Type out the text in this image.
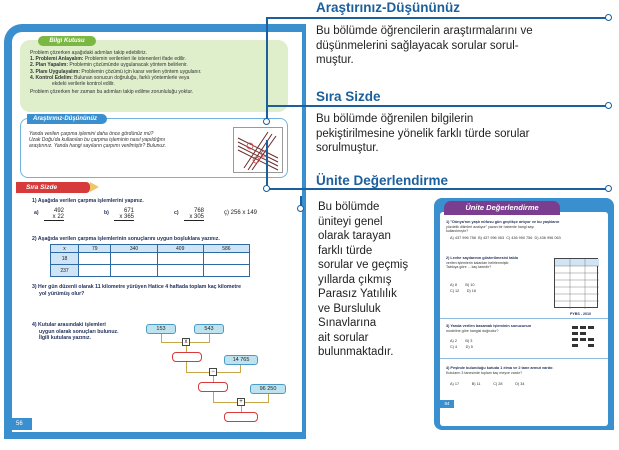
Bilgi Kutusu
Problem çözerken aşağıdaki adımları takip edebiliriz.
1. Problemi Anlayalım: Problemin verilenleri ile istenenleri ifade edilir.
2. Plan Yapalım: Problemin çözümünde uygulanacak yöntem belirlenir.
3. Planı Uygulayalım: Problemin çözümü için karar verilen yöntem uygulanır.
4. Kontrol Edelim: Bulunan sonucun doğruluğu, farklı yöntemlerle veya
ekdeki verilerle kontrol edilir.
Problem çözerken her zaman bu adımları takip edilme zorunluluğu yoktur.
Araştırınız-Düşününüz
Yanda verilen çarpma işlemini daha önce gördünüz mü?
Uzak Doğu'da kullanılan bu çarpma işleminin nasıl yapıldığını
araştırınız. Yanda hangi sayıların çarpımı verilmiştir? Bulunuz.
Sıra Sizde
1) Aşağıda verilen çarpma işlemlerini yapınız.
a)	492
x 22
b)	671
x 365
c)	768
x 305
ç) 256 x 149
2) Aşağıda verilen çarpma işlemlerinin sonuçlarını uygun boşluklara yazınız.
x	79	340	409	586
18				
237				
3) Her gün düzenli olarak 11 kilometre yürüyen Hatice 4 haftada toplam kaç kilometre
yol yürümüş olur?
4) Kutular arasındaki işlemleri
uygun olarak sonuçları bulunuz.
İlgili kutulara yazınız.
153	543
x
14 765
−
96 250
+
56
Araştırınız-Düşününüz
Bu bölümde öğrencilerin araştırmalarını ve
düşünmelerini sağlayacak sorular sorul-
muştur.
Sıra Sizde
Bu bölümde öğrenilen bilgilerin
pekiştirilmesine yönelik farklı türde sorular
sorulmuştur.
Ünite Değerlendirme
Bu bölümde
üniteyi genel
olarak tarayan
farklı türde
sorular ve geçmiş
yıllarda çıkmış
Parasız Yatılılık
ve Bursluluk
Sınavlarına
ait sorular
bulunmaktadır.
1) "Dünya'nın yaşlı nüfusu gün geçtikçe artıyor ve bu yaşlıların
yüzdelik dilimleri azalıyor" yazan bir haberde hangi sayı
kullanılmıştır?
A) 437 996 756 B) 437 996 063 C) 436 990 756 D) 436 996 063
2) Levhe sayılarının gösterilmesini tablo
verilen işlemlerin kalanları belirlenmiştir.
Tabloya göre ... kaç tanedir?
A) 8 B) 10
C) 12 D) 16
PYBS - 2010
3) Yanda verilen basamak işleminin sonucunun
modeline göre hangisi doğrudur?
A) 2 B) 3
C) 4 D) 5
4) Peşinde bulunduğu kutuda 1 elma ve 2 tane armut vardır.
Kutuların 3 tanesinde toplam kaç meyve vardır?
A) 17	B) 11	C) 28	D) 34
Ünite Değerlendirme
84
